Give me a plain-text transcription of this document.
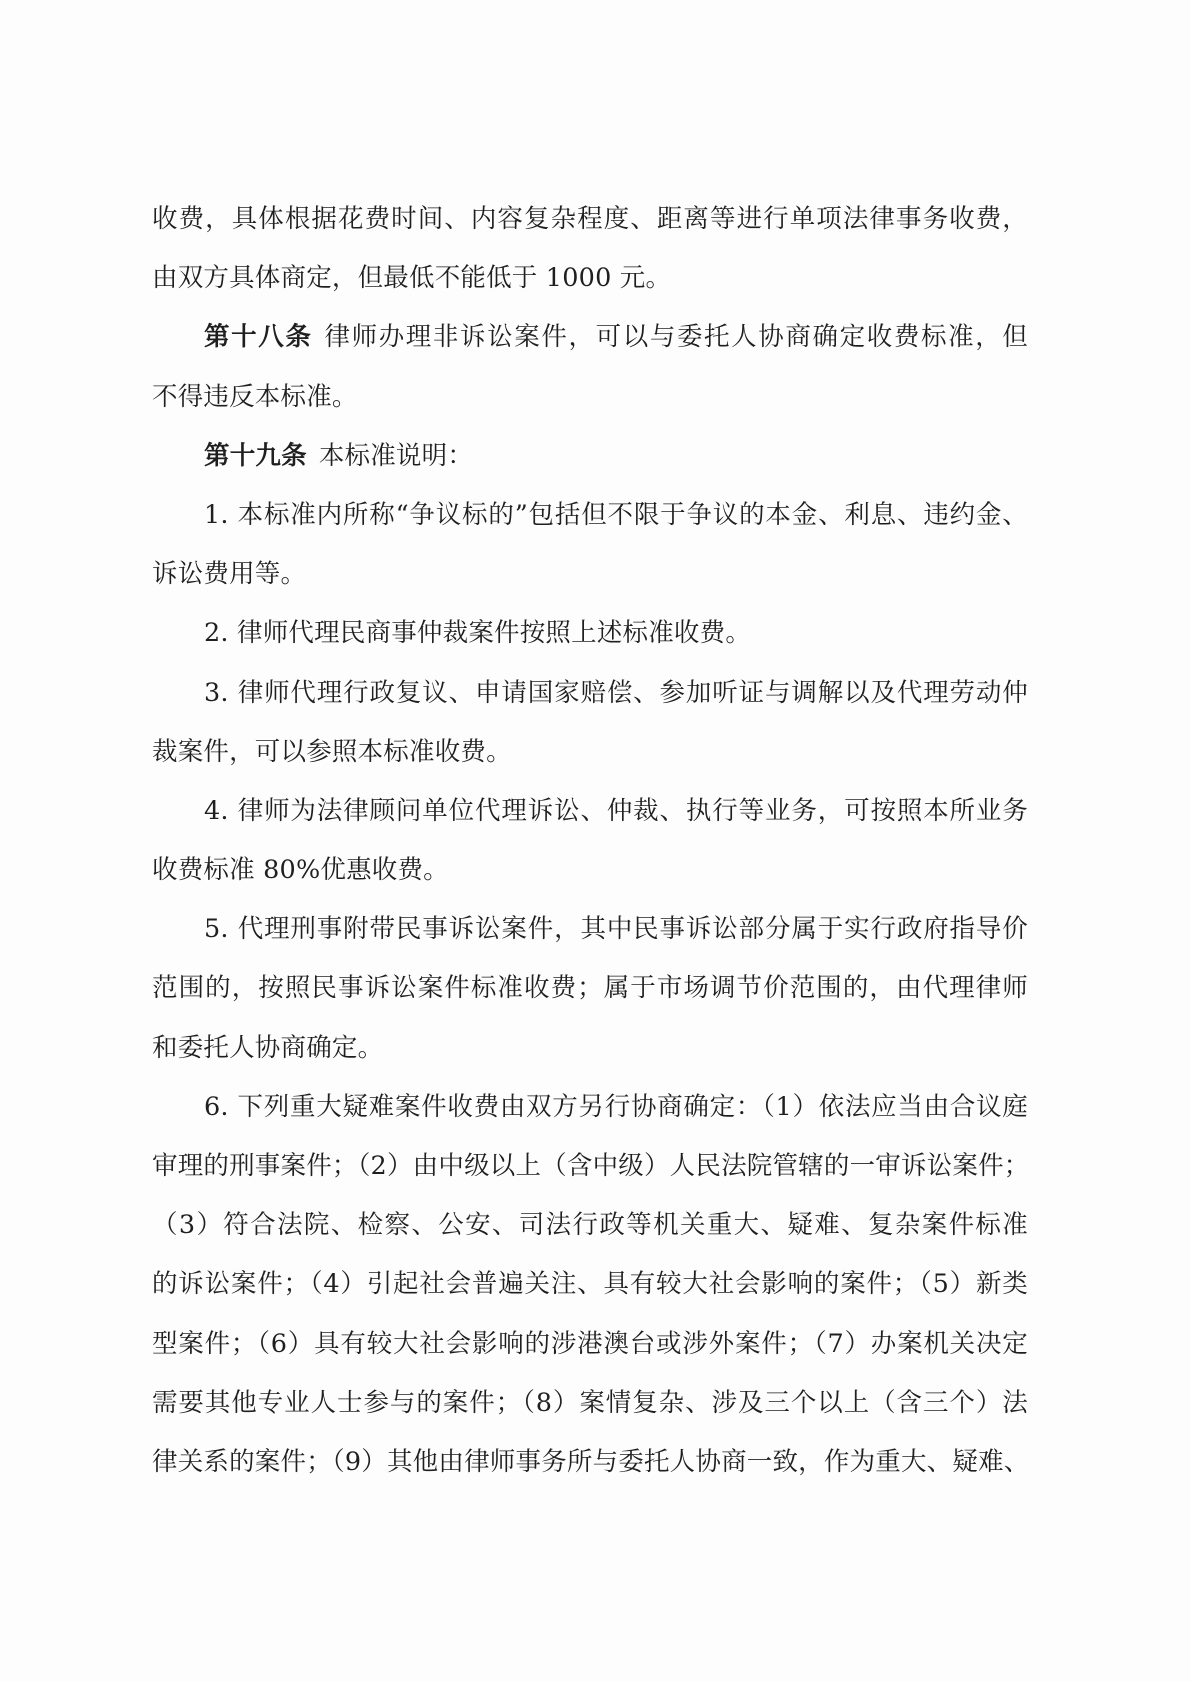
收费，具体根据花费时间、内容复杂程度、距离等进行单项法律事务收费，
由双方具体商定，但最低不能低于 1000 元。
第十八条 律师办理非诉讼案件，可以与委托人协商确定收费标准，但
不得违反本标准。
第十九条 本标准说明：
1. 本标准内所称“争议标的”包括但不限于争议的本金、利息、违约金、
诉讼费用等。
2. 律师代理民商事仲裁案件按照上述标准收费。
3. 律师代理行政复议、申请国家赔偿、参加听证与调解以及代理劳动仲
裁案件，可以参照本标准收费。
4. 律师为法律顾问单位代理诉讼、仲裁、执行等业务，可按照本所业务
收费标准 80%优惠收费。
5. 代理刑事附带民事诉讼案件，其中民事诉讼部分属于实行政府指导价
范围的，按照民事诉讼案件标准收费；属于市场调节价范围的，由代理律师
和委托人协商确定。
6. 下列重大疑难案件收费由双方另行协商确定：（1）依法应当由合议庭
审理的刑事案件；（2）由中级以上（含中级）人民法院管辖的一审诉讼案件；
（3）符合法院、检察、公安、司法行政等机关重大、疑难、复杂案件标准
的诉讼案件；（4）引起社会普遍关注、具有较大社会影响的案件；（5）新类
型案件；（6）具有较大社会影响的涉港澳台或涉外案件；（7）办案机关决定
需要其他专业人士参与的案件；（8）案情复杂、涉及三个以上（含三个）法
律关系的案件；（9）其他由律师事务所与委托人协商一致，作为重大、疑难、
